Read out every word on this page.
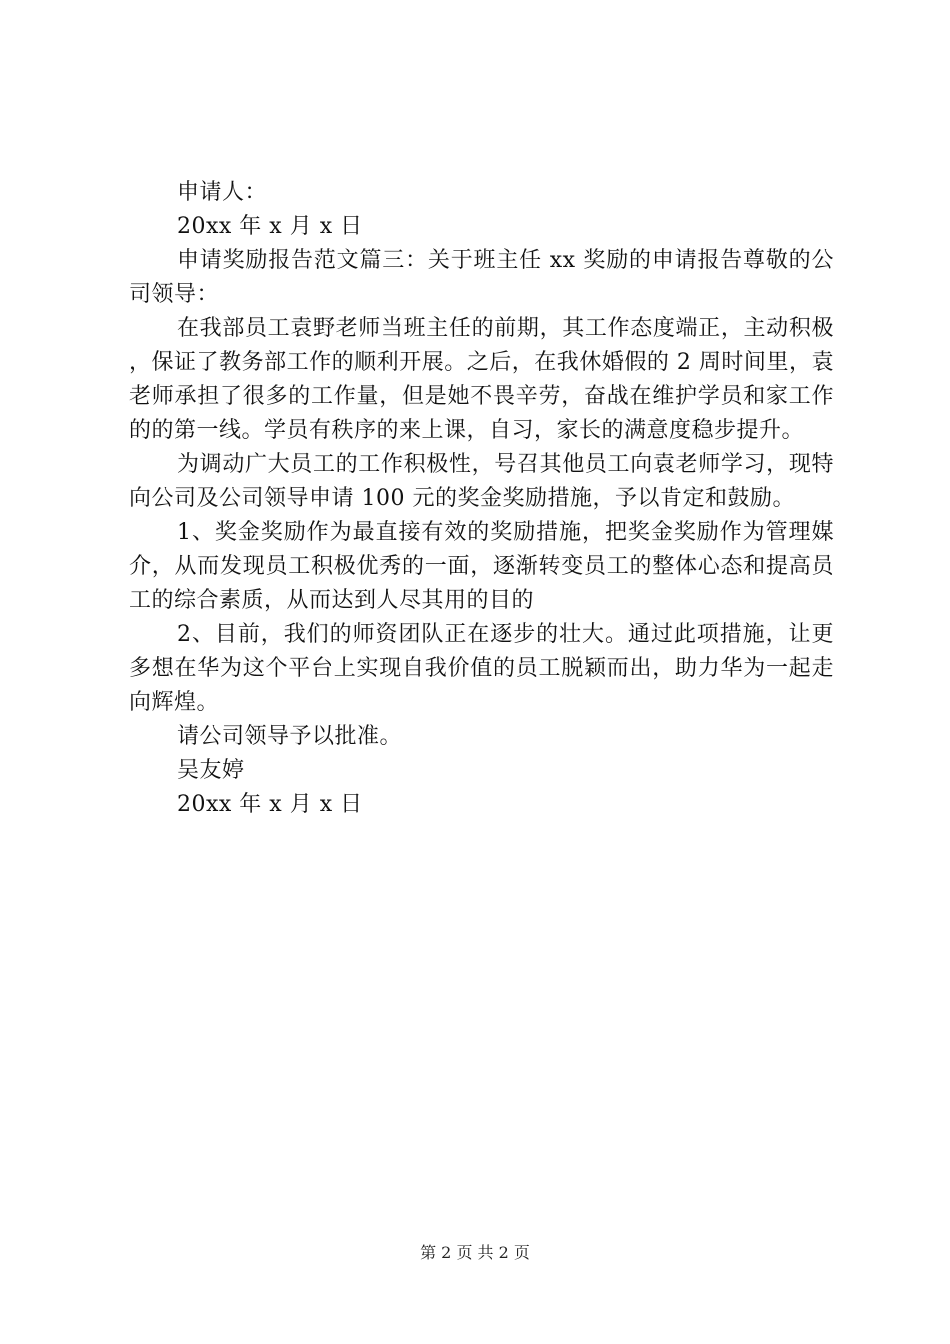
申请人：
20xx 年 x 月 x 日

申请奖励报告范文篇三：关于班主任 xx 奖励的申请报告尊敬的公司领导：

在我部员工袁野老师当班主任的前期，其工作态度端正，主动积极，保证了教务部工作的顺利开展。之后，在我休婚假的 2 周时间里，袁老师承担了很多的工作量，但是她不畏辛劳，奋战在维护学员和家工作的的第一线。学员有秩序的来上课，自习，家长的满意度稳步提升。

为调动广大员工的工作积极性，号召其他员工向袁老师学习，现特向公司及公司领导申请 100 元的奖金奖励措施，予以肯定和鼓励。

1、奖金奖励作为最直接有效的奖励措施，把奖金奖励作为管理媒介，从而发现员工积极优秀的一面，逐渐转变员工的整体心态和提高员工的综合素质，从而达到人尽其用的目的

2、目前，我们的师资团队正在逐步的壮大。通过此项措施，让更多想在华为这个平台上实现自我价值的员工脱颖而出，助力华为一起走向辉煌。

请公司领导予以批准。
吴友婷
20xx 年 x 月 x 日
第 2 页 共 2 页
